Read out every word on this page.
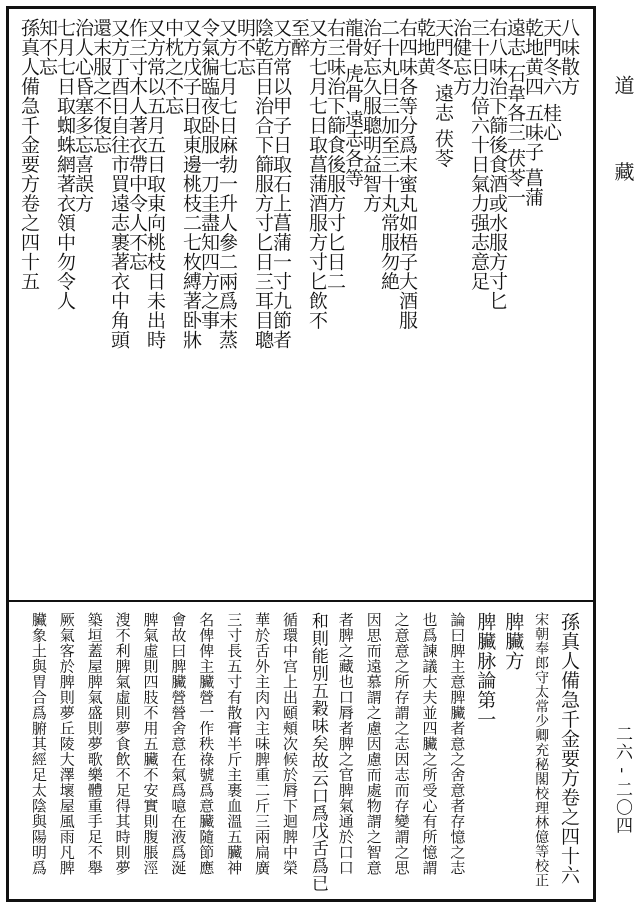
八味散方
天門冬六 桂心
乾地黄四 五味子 菖蒲
遠志 石韋各三 茯苓一
右八味治下篩後食酒或水服方寸匕
三十日力倍六十日氣力强志意足
治健忘方
天門冬 遠志 茯苓
乾地黄
右四味各等分爲末蜜丸如梧子大酒服
二十丸日三加至三十丸常服勿絶
治好忘久服聰明益智方
龍骨 虎骨 遠志各等
右三味治下篩食後服方寸匕日二
又方七月七日取菖蒲酒服方寸匕飲不
至醉
又方常以甲子日取石上菖蒲一寸九節者
陰乾百日治合下篩服方寸匕日三耳目聰
明不忘
又方七月七日麻勃一升人參二兩爲末蒸
令氣徧臨夜卧服一刀圭盡知四方之事
又方戊子日取東邊桃枝二七枚縛著卧牀
中枕之不忘
又方常以五月五日取東向桃枝日未出時
作三寸木人著衣帶中令人不忘
又方丁酉日自往市買遠志裹著衣中角頭
還末服之不復忘
治人心昏塞多忘喜誤方
七月七日取蜘蛛網著衣領中勿令人
知不忘
孫真人備急千金要方卷之四十五
孫真人備急千金要方卷之四十六
宋朝奉郎守太常少卿充秘閣校理林億等校正
脾臟方
脾臟脉論第一
論曰脾主意脾臟者意之舍意者存憶之志
也爲諫議大夫並四臟之所受心有所憶謂
之意意之所存謂之志因志而存變謂之思
因思而遠慕謂之慮因慮而處物謂之智意
者脾之藏也口脣者脾之官脾氣通於口口
和則能別五穀味矣故云口爲戊舌爲已
循環中宫上出頤頰次候於脣下迴脾中榮
華於舌外主肉內主味脾重二斤三兩扁廣
三寸長五寸有散膏半斤主裹血溫五臟神
名俾俾主臟營一作秩祿號爲意臟隨節應
會故曰脾臟營營舍意在氣爲噫在液爲涎
脾氣虛則四肢不用五臟不安實則腹脹涇
溲不利脾氣虛則夢食飲不足得其時則夢
築垣蓋屋脾氣盛則夢歌樂體重手足不舉
厥氣客於脾則夢丘陵大澤壞屋風雨凡脾
臟象土與胃合爲腑其經足太陰與陽明爲
道 藏
二六 - 二〇四
